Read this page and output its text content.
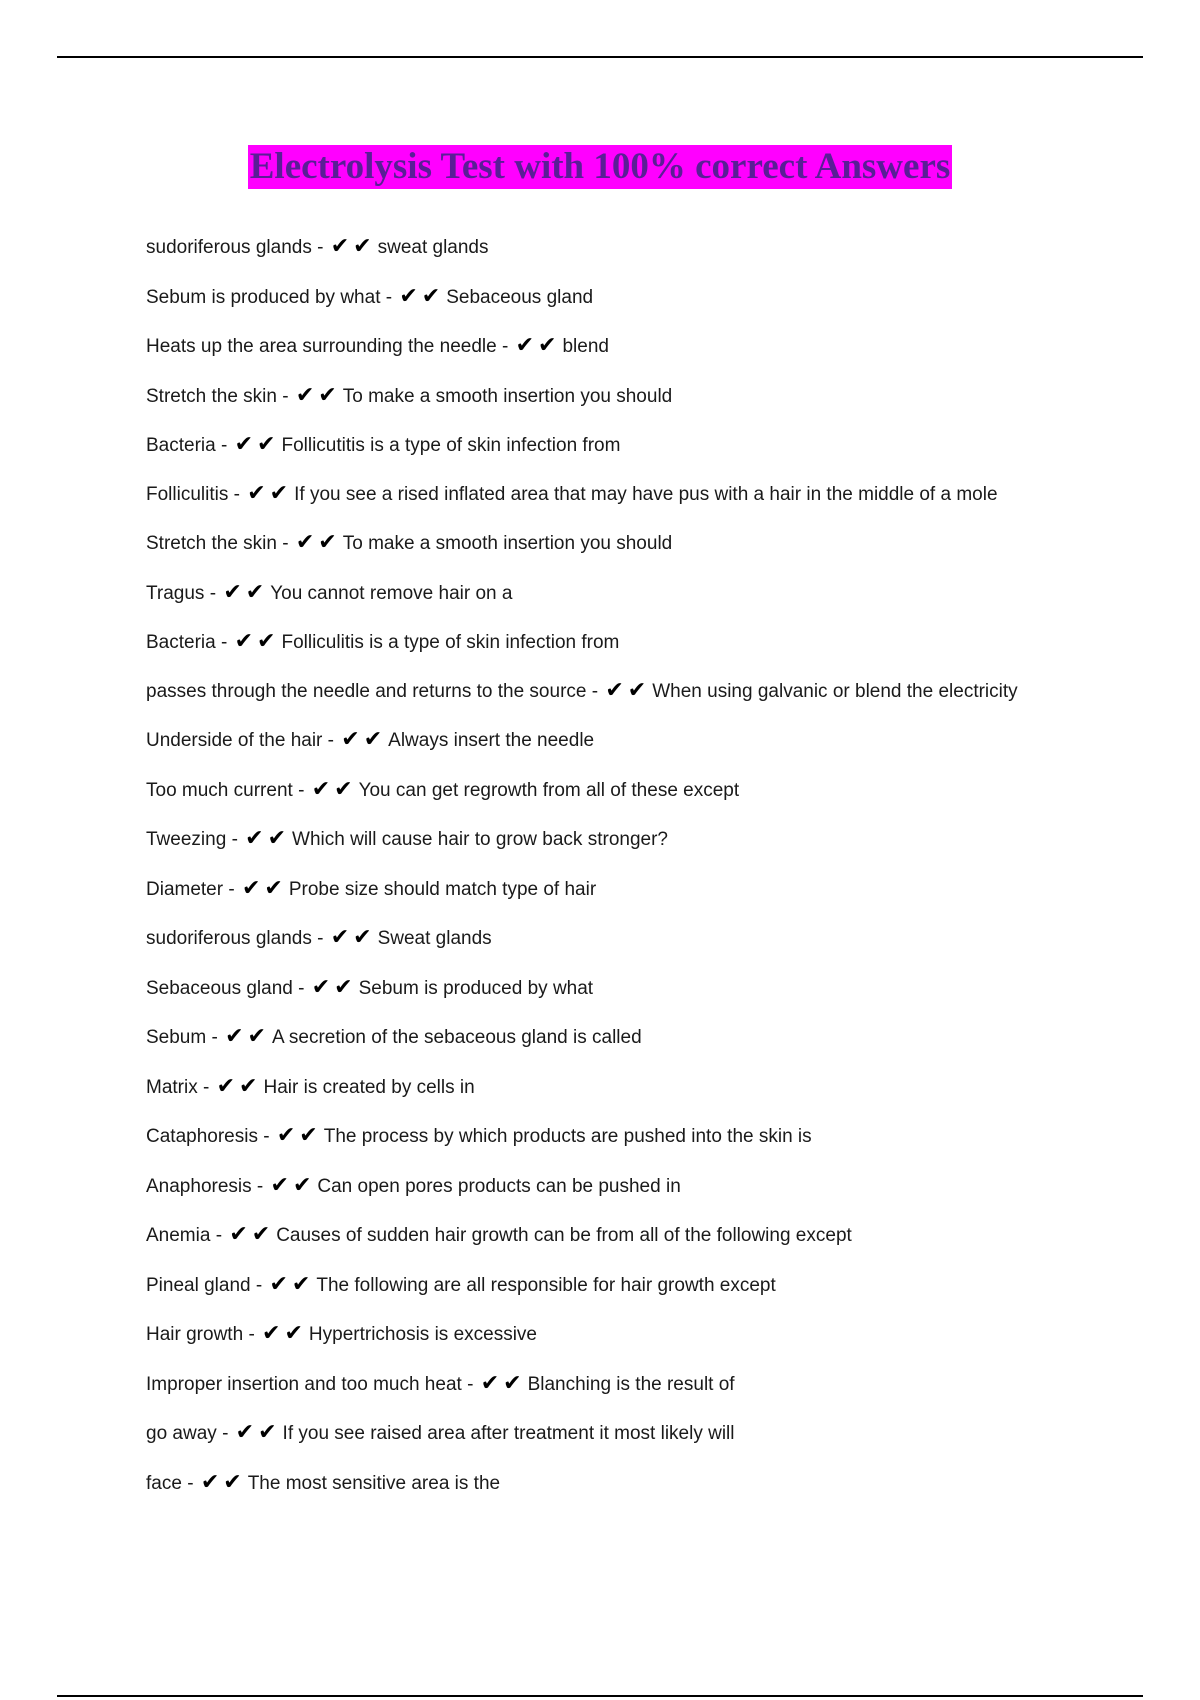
Electrolysis Test with 100% correct Answers
sudoriferous glands - ✔✔ sweat glands
Sebum is produced by what - ✔✔ Sebaceous gland
Heats up the area surrounding the needle - ✔✔ blend
Stretch the skin - ✔✔ To make a smooth insertion you should
Bacteria - ✔✔ Follicutitis is a type of skin infection from
Folliculitis - ✔✔ If you see a rised inflated area that may have pus with a hair in the middle of a mole
Stretch the skin - ✔✔ To make a smooth insertion you should
Tragus - ✔✔ You cannot remove hair on a
Bacteria - ✔✔ Folliculitis is a type of skin infection from
passes through the needle and returns to the source - ✔✔ When using galvanic or blend the electricity
Underside of the hair - ✔✔ Always insert the needle
Too much current - ✔✔ You can get regrowth from all of these except
Tweezing - ✔✔ Which will cause hair to grow back stronger?
Diameter - ✔✔ Probe size should match type of hair
sudoriferous glands - ✔✔ Sweat glands
Sebaceous gland - ✔✔ Sebum is produced by what
Sebum - ✔✔ A secretion of the sebaceous gland is called
Matrix - ✔✔ Hair is created by cells in
Cataphoresis - ✔✔ The process by which products are pushed into the skin is
Anaphoresis - ✔✔ Can open pores products can be pushed in
Anemia - ✔✔ Causes of sudden hair growth can be from all of the following except
Pineal gland - ✔✔ The following are all responsible for hair growth except
Hair growth - ✔✔ Hypertrichosis is excessive
Improper insertion and too much heat - ✔✔ Blanching is the result of
go away - ✔✔ If you see raised area after treatment it most likely will
face - ✔✔ The most sensitive area is the
